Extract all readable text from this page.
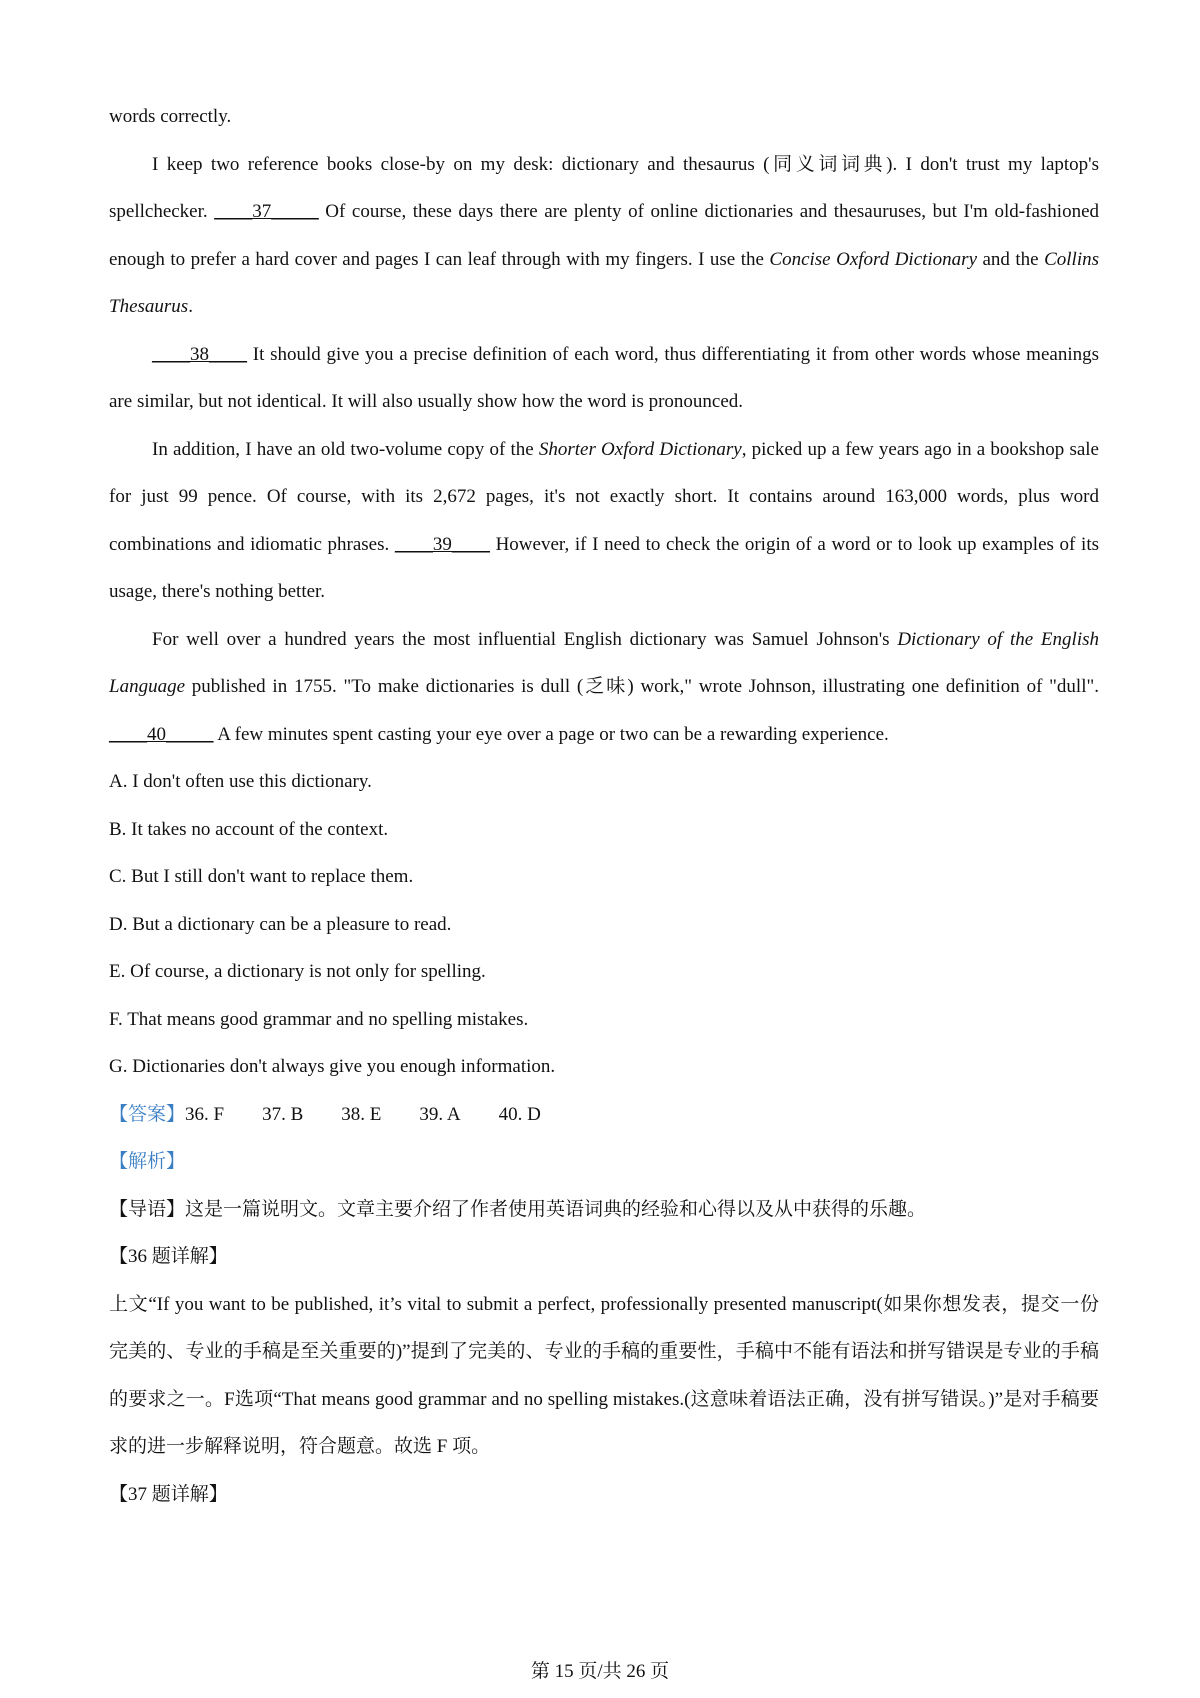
words correctly.

I keep two reference books close-by on my desk: dictionary and thesaurus (同义词词典). I don't trust my laptop's spellchecker. ____37_____ Of course, these days there are plenty of online dictionaries and thesauruses, but I'm old-fashioned enough to prefer a hard cover and pages I can leaf through with my fingers. I use the Concise Oxford Dictionary and the Collins Thesaurus.

____38____ It should give you a precise definition of each word, thus differentiating it from other words whose meanings are similar, but not identical. It will also usually show how the word is pronounced.

In addition, I have an old two-volume copy of the Shorter Oxford Dictionary, picked up a few years ago in a bookshop sale for just 99 pence. Of course, with its 2,672 pages, it's not exactly short. It contains around 163,000 words, plus word combinations and idiomatic phrases. ____39____ However, if I need to check the origin of a word or to look up examples of its usage, there's nothing better.

For well over a hundred years the most influential English dictionary was Samuel Johnson's Dictionary of the English Language published in 1755. "To make dictionaries is dull (乏味) work," wrote Johnson, illustrating one definition of "dull". ____40_____ A few minutes spent casting your eye over a page or two can be a rewarding experience.

A. I don't often use this dictionary.

B. It takes no account of the context.

C. But I still don't want to replace them.

D. But a dictionary can be a pleasure to read.

E. Of course, a dictionary is not only for spelling.

F. That means good grammar and no spelling mistakes.

G. Dictionaries don't always give you enough information.

【答案】36. F 37. B 38. E 39. A 40. D

【解析】

【导语】这是一篇说明文。文章主要介绍了作者使用英语词典的经验和心得以及从中获得的乐趣。

【36 题详解】

上文“If you want to be published, it’s vital to submit a perfect, professionally presented manuscript(如果你想发表，提交一份完美的、专业的手稿是至关重要的)”提到了完美的、专业的手稿的重要性，手稿中不能有语法和拼写错误是专业的手稿的要求之一。F选项“That means good grammar and no spelling mistakes.(这意味着语法正确，没有拼写错误。)”是对手稿要求的进一步解释说明，符合题意。故选 F 项。

【37 题详解】

第 15 页/共 26 页
